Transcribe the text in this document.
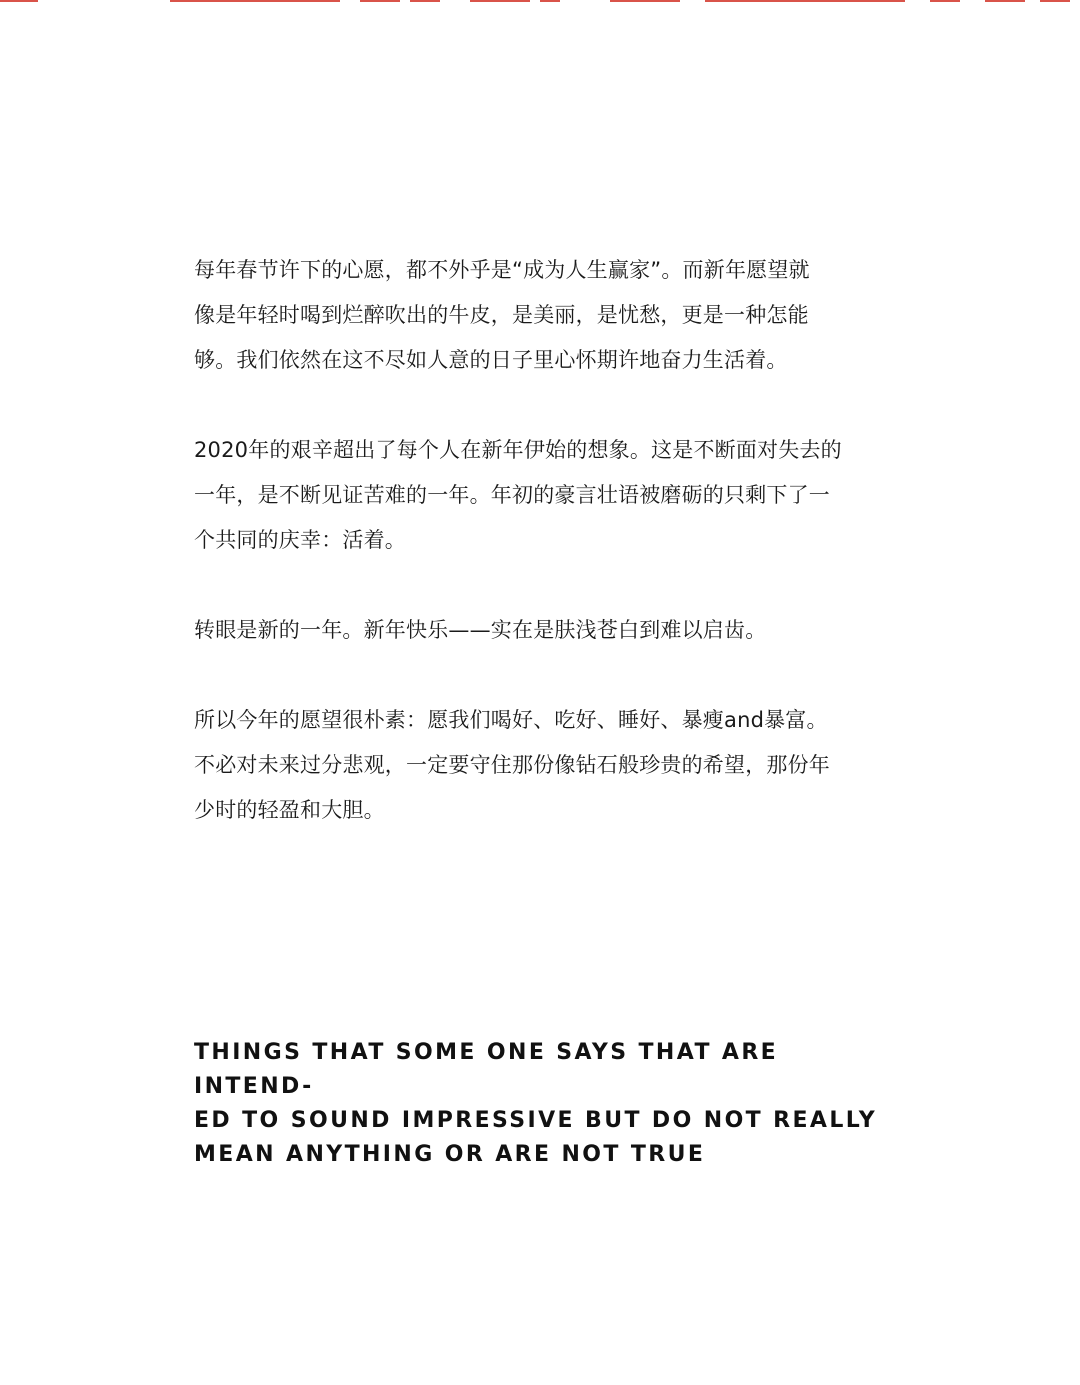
每年春节许下的心愿，都不外乎是“成为人生赢家”。而新年愿望就
像是年轻时喝到烂醉吹出的牛皮，是美丽，是忧愁，更是一种怎能
够。我们依然在这不尽如人意的日子里心怀期许地奋力生活着。

2020年的艰辛超出了每个人在新年伊始的想象。这是不断面对失去的
一年，是不断见证苦难的一年。年初的豪言壮语被磨砺的只剩下了一
个共同的庆幸：活着。

转眼是新的一年。新年快乐——实在是肤浅苍白到难以启齿。

所以今年的愿望很朴素：愿我们喝好、吃好、睡好、暴瘦and暴富。
不必对未来过分悲观，一定要守住那份像钻石般珍贵的希望，那份年
少时的轻盈和大胆。

THINGS THAT SOME ONE SAYS THAT ARE INTEND-
ED TO SOUND IMPRESSIVE BUT DO NOT REALLY
MEAN ANYTHING OR ARE NOT TRUE
